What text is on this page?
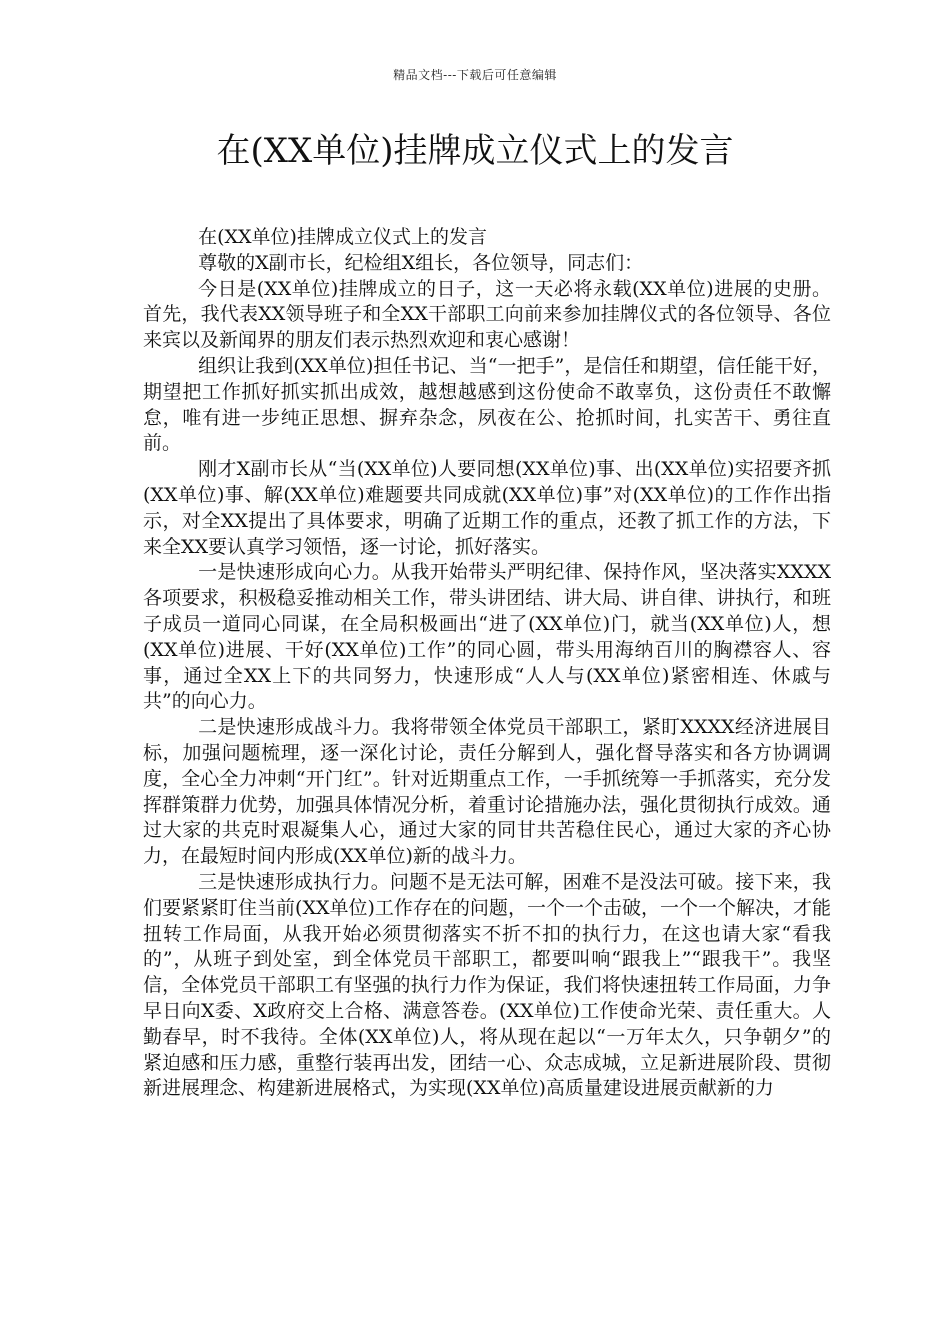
精品文档---下载后可任意编辑
在(XX单位)挂牌成立仪式上的发言

在(XX单位)挂牌成立仪式上的发言

尊敬的X副市长，纪检组X组长，各位领导，同志们：

今日是(XX单位)挂牌成立的日子，这一天必将永载(XX单位)进展的史册。首先，我代表XX领导班子和全XX干部职工向前来参加挂牌仪式的各位领导、各位来宾以及新闻界的朋友们表示热烈欢迎和衷心感谢！

组织让我到(XX单位)担任书记、当“一把手”，是信任和期望，信任能干好，期望把工作抓好抓实抓出成效，越想越感到这份使命不敢辜负，这份责任不敢懈怠，唯有进一步纯正思想、摒弃杂念，夙夜在公、抢抓时间，扎实苦干、勇往直前。

刚才X副市长从“当(XX单位)人要同想(XX单位)事、出(XX单位)实招要齐抓(XX单位)事、解(XX单位)难题要共同成就(XX单位)事”对(XX单位)的工作作出指示，对全XX提出了具体要求，明确了近期工作的重点，还教了抓工作的方法，下来全XX要认真学习领悟，逐一讨论，抓好落实。

一是快速形成向心力。从我开始带头严明纪律、保持作风，坚决落实XXXX各项要求，积极稳妥推动相关工作，带头讲团结、讲大局、讲自律、讲执行，和班子成员一道同心同谋，在全局积极画出“进了(XX单位)门，就当(XX单位)人，想(XX单位)进展、干好(XX单位)工作”的同心圆，带头用海纳百川的胸襟容人、容事，通过全XX上下的共同努力，快速形成“人人与(XX单位)紧密相连、休戚与共”的向心力。

二是快速形成战斗力。我将带领全体党员干部职工，紧盯XXXX经济进展目标，加强问题梳理，逐一深化讨论，责任分解到人，强化督导落实和各方协调调度，全心全力冲刺“开门红”。针对近期重点工作，一手抓统筹一手抓落实，充分发挥群策群力优势，加强具体情况分析，着重讨论措施办法，强化贯彻执行成效。通过大家的共克时艰凝集人心，通过大家的同甘共苦稳住民心，通过大家的齐心协力，在最短时间内形成(XX单位)新的战斗力。

三是快速形成执行力。问题不是无法可解，困难不是没法可破。接下来，我们要紧紧盯住当前(XX单位)工作存在的问题，一个一个击破，一个一个解决，才能扭转工作局面，从我开始必须贯彻落实不折不扣的执行力，在这也请大家“看我的”，从班子到处室，到全体党员干部职工，都要叫响“跟我上”“跟我干”。我坚信，全体党员干部职工有坚强的执行力作为保证，我们将快速扭转工作局面，力争早日向X委、X政府交上合格、满意答卷。(XX单位)工作使命光荣、责任重大。人勤春早，时不我待。全体(XX单位)人，将从现在起以“一万年太久，只争朝夕”的紧迫感和压力感，重整行装再出发，团结一心、众志成城，立足新进展阶段、贯彻新进展理念、构建新进展格式，为实现(XX单位)高质量建设进展贡献新的力
